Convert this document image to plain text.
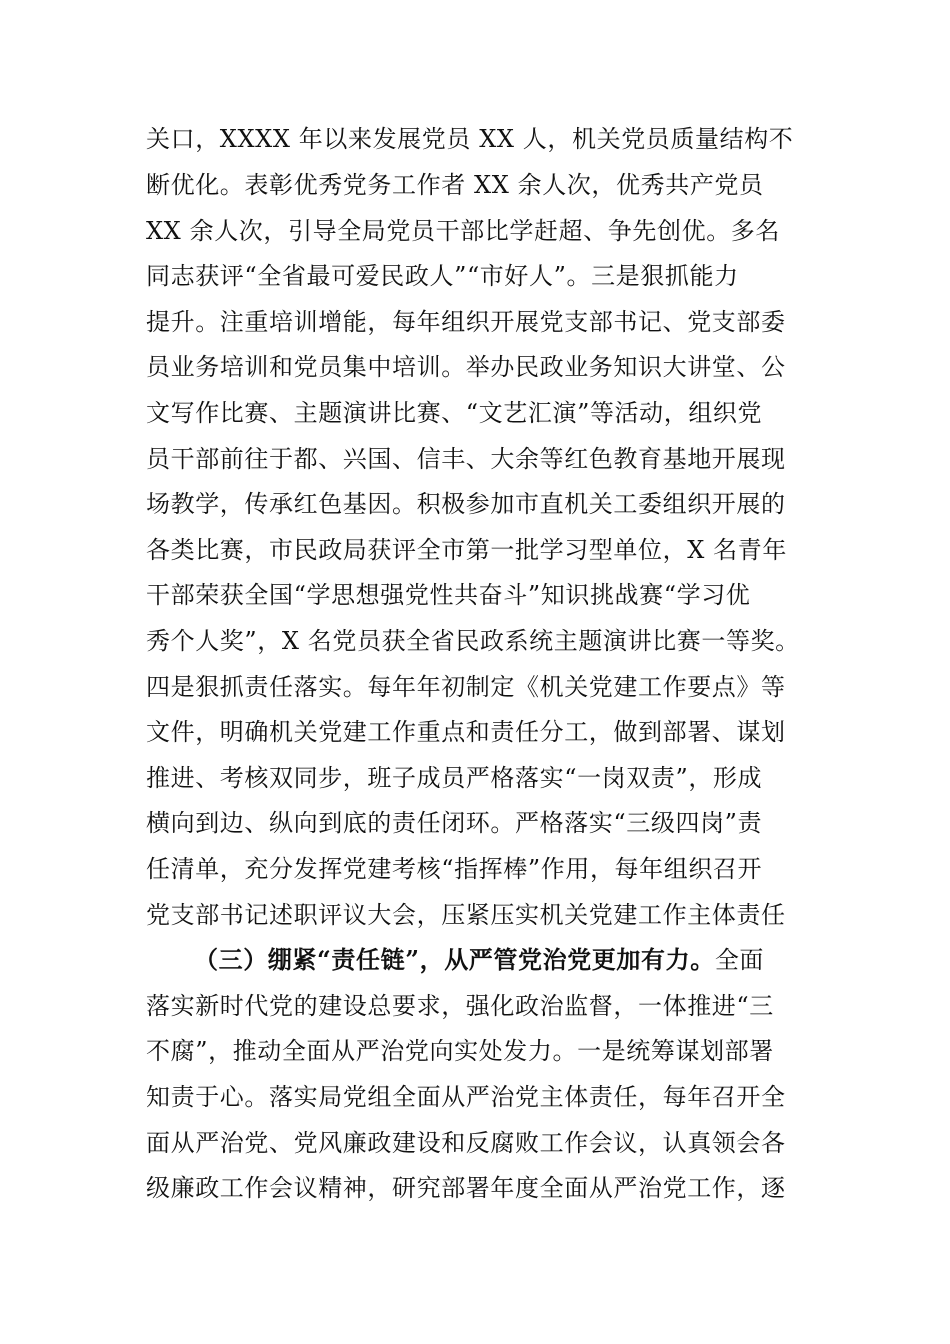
关口，XXXX 年以来发展党员 XX 人，机关党员质量结构不
断优化。表彰优秀党务工作者 XX 余人次，优秀共产党员
XX 余人次，引导全局党员干部比学赶超、争先创优。多名
同志获评“全省最可爱民政人”“市好人”。三是狠抓能力
提升。注重培训增能，每年组织开展党支部书记、党支部委
员业务培训和党员集中培训。举办民政业务知识大讲堂、公
文写作比赛、主题演讲比赛、“文艺汇演”等活动，组织党
员干部前往于都、兴国、信丰、大余等红色教育基地开展现
场教学，传承红色基因。积极参加市直机关工委组织开展的
各类比赛，市民政局获评全市第一批学习型单位，X 名青年
干部荣获全国“学思想强党性共奋斗”知识挑战赛“学习优
秀个人奖”，X 名党员获全省民政系统主题演讲比赛一等奖。
四是狠抓责任落实。每年年初制定《机关党建工作要点》等
文件，明确机关党建工作重点和责任分工，做到部署、谋划
推进、考核双同步，班子成员严格落实“一岗双责”，形成
横向到边、纵向到底的责任闭环。严格落实“三级四岗”责
任清单，充分发挥党建考核“指挥棒”作用，每年组织召开
党支部书记述职评议大会，压紧压实机关党建工作主体责任
（三）绷紧“责任链”，从严管党治党更加有力。全面
落实新时代党的建设总要求，强化政治监督，一体推进“三
不腐”，推动全面从严治党向实处发力。一是统筹谋划部署
知责于心。落实局党组全面从严治党主体责任，每年召开全
面从严治党、党风廉政建设和反腐败工作会议，认真领会各
级廉政工作会议精神，研究部署年度全面从严治党工作，逐
